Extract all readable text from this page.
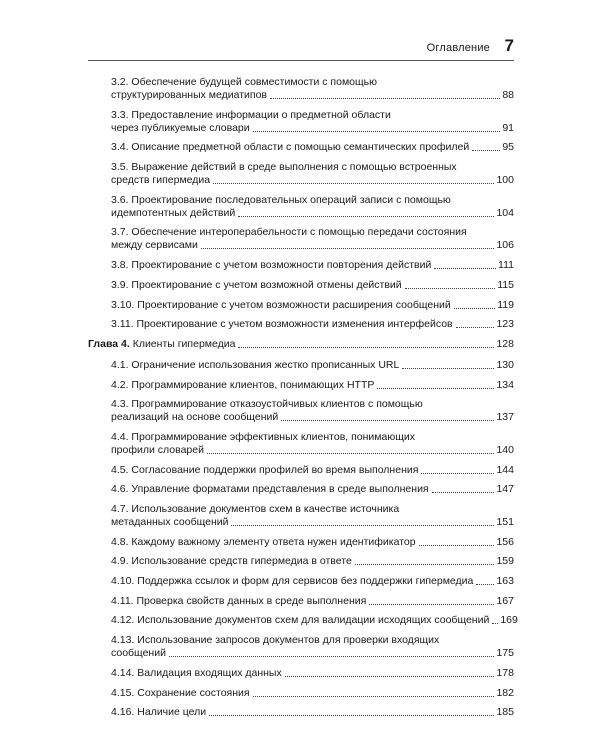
Оглавление 7
3.2. Обеспечение будущей совместимости с помощью
структурированных медиатипов	88
3.3. Предоставление информации о предметной области
через публикуемые словари	91
3.4. Описание предметной области с помощью семантических профилей	95
3.5. Выражение действий в среде выполнения с помощью встроенных
средств гипермедиа	100
3.6. Проектирование последовательных операций записи с помощью
идемпотентных действий	104
3.7. Обеспечение интероперабельности с помощью передачи состояния
между сервисами	106
3.8. Проектирование с учетом возможности повторения действий	111
3.9. Проектирование с учетом возможной отмены действий	115
3.10. Проектирование с учетом возможности расширения сообщений	119
3.11. Проектирование с учетом возможности изменения интерфейсов	123
Глава 4. Клиенты гипермедиа	128
4.1. Ограничение использования жестко прописанных URL	130
4.2. Программирование клиентов, понимающих HTTP	134
4.3. Программирование отказоустойчивых клиентов с помощью
реализаций на основе сообщений	137
4.4. Программирование эффективных клиентов, понимающих
профили словарей	140
4.5. Согласование поддержки профилей во время выполнения	144
4.6. Управление форматами представления в среде выполнения	147
4.7. Использование документов схем в качестве источника
метаданных сообщений	151
4.8. Каждому важному элементу ответа нужен идентификатор	156
4.9. Использование средств гипермедиа в ответе	159
4.10. Поддержка ссылок и форм для сервисов без поддержки гипермедиа 163
4.11. Проверка свойств данных в среде выполнения	167
4.12. Использование документов схем для валидации исходящих сообщений 169
4.13. Использование запросов документов для проверки входящих
сообщений	175
4.14. Валидация входящих данных	178
4.15. Сохранение состояния	182
4.16. Наличие цели	185
